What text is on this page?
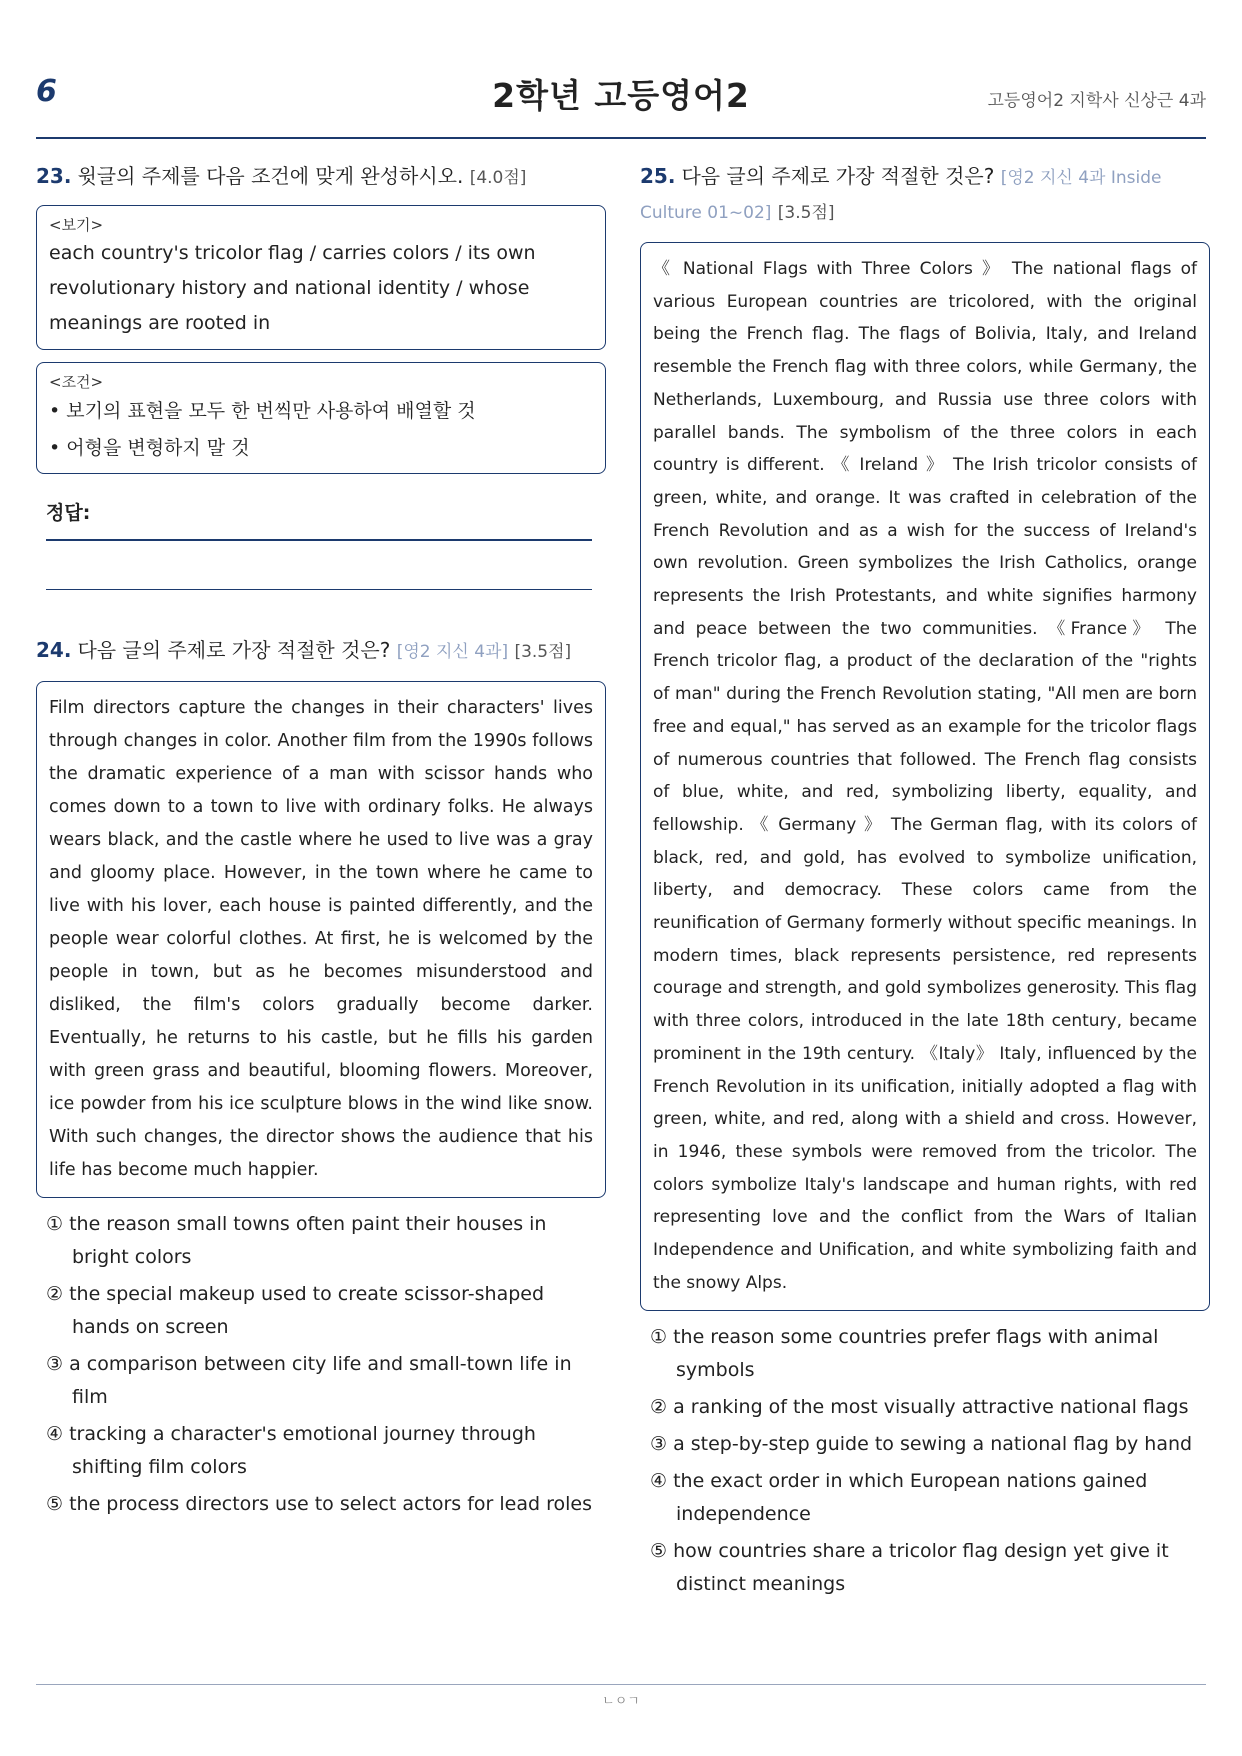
6	2학년 고등영어2	고등영어2 지학사 신상근 4과
23. 윗글의 주제를 다음 조건에 맞게 완성하시오. [4.0점]
<보기>
each country's tricolor flag / carries colors / its own revolutionary history and national identity / whose meanings are rooted in
<조건>
• 보기의 표현을 모두 한 번씩만 사용하여 배열할 것
• 어형을 변형하지 말 것
정답:
24. 다음 글의 주제로 가장 적절한 것은? [영2 지신 4과] [3.5점]
Film directors capture the changes in their characters' lives through changes in color. Another film from the 1990s follows the dramatic experience of a man with scissor hands who comes down to a town to live with ordinary folks. He always wears black, and the castle where he used to live was a gray and gloomy place. However, in the town where he came to live with his lover, each house is painted differently, and the people wear colorful clothes. At first, he is welcomed by the people in town, but as he becomes misunderstood and disliked, the film's colors gradually become darker. Eventually, he returns to his castle, but he fills his garden with green grass and beautiful, blooming flowers. Moreover, ice powder from his ice sculpture blows in the wind like snow. With such changes, the director shows the audience that his life has become much happier.
① the reason small towns often paint their houses in bright colors
② the special makeup used to create scissor-shaped hands on screen
③ a comparison between city life and small-town life in film
④ tracking a character's emotional journey through shifting film colors
⑤ the process directors use to select actors for lead roles
25. 다음 글의 주제로 가장 적절한 것은? [영2 지신 4과 Inside Culture 01~02] [3.5점]
《 National Flags with Three Colors 》 The national flags of various European countries are tricolored, with the original being the French flag. The flags of Bolivia, Italy, and Ireland resemble the French flag with three colors, while Germany, the Netherlands, Luxembourg, and Russia use three colors with parallel bands. The symbolism of the three colors in each country is different. 《 Ireland 》 The Irish tricolor consists of green, white, and orange. It was crafted in celebration of the French Revolution and as a wish for the success of Ireland's own revolution. Green symbolizes the Irish Catholics, orange represents the Irish Protestants, and white signifies harmony and peace between the two communities. 《France》 The French tricolor flag, a product of the declaration of the "rights of man" during the French Revolution stating, "All men are born free and equal," has served as an example for the tricolor flags of numerous countries that followed. The French flag consists of blue, white, and red, symbolizing liberty, equality, and fellowship. 《 Germany 》 The German flag, with its colors of black, red, and gold, has evolved to symbolize unification, liberty, and democracy. These colors came from the reunification of Germany formerly without specific meanings. In modern times, black represents persistence, red represents courage and strength, and gold symbolizes generosity. This flag with three colors, introduced in the late 18th century, became prominent in the 19th century. 《Italy》 Italy, influenced by the French Revolution in its unification, initially adopted a flag with green, white, and red, along with a shield and cross. However, in 1946, these symbols were removed from the tricolor. The colors symbolize Italy's landscape and human rights, with red representing love and the conflict from the Wars of Italian Independence and Unification, and white symbolizing faith and the snowy Alps.
① the reason some countries prefer flags with animal symbols
② a ranking of the most visually attractive national flags
③ a step-by-step guide to sewing a national flag by hand
④ the exact order in which European nations gained independence
⑤ how countries share a tricolor flag design yet give it distinct meanings
ㄴㅇㄱ
